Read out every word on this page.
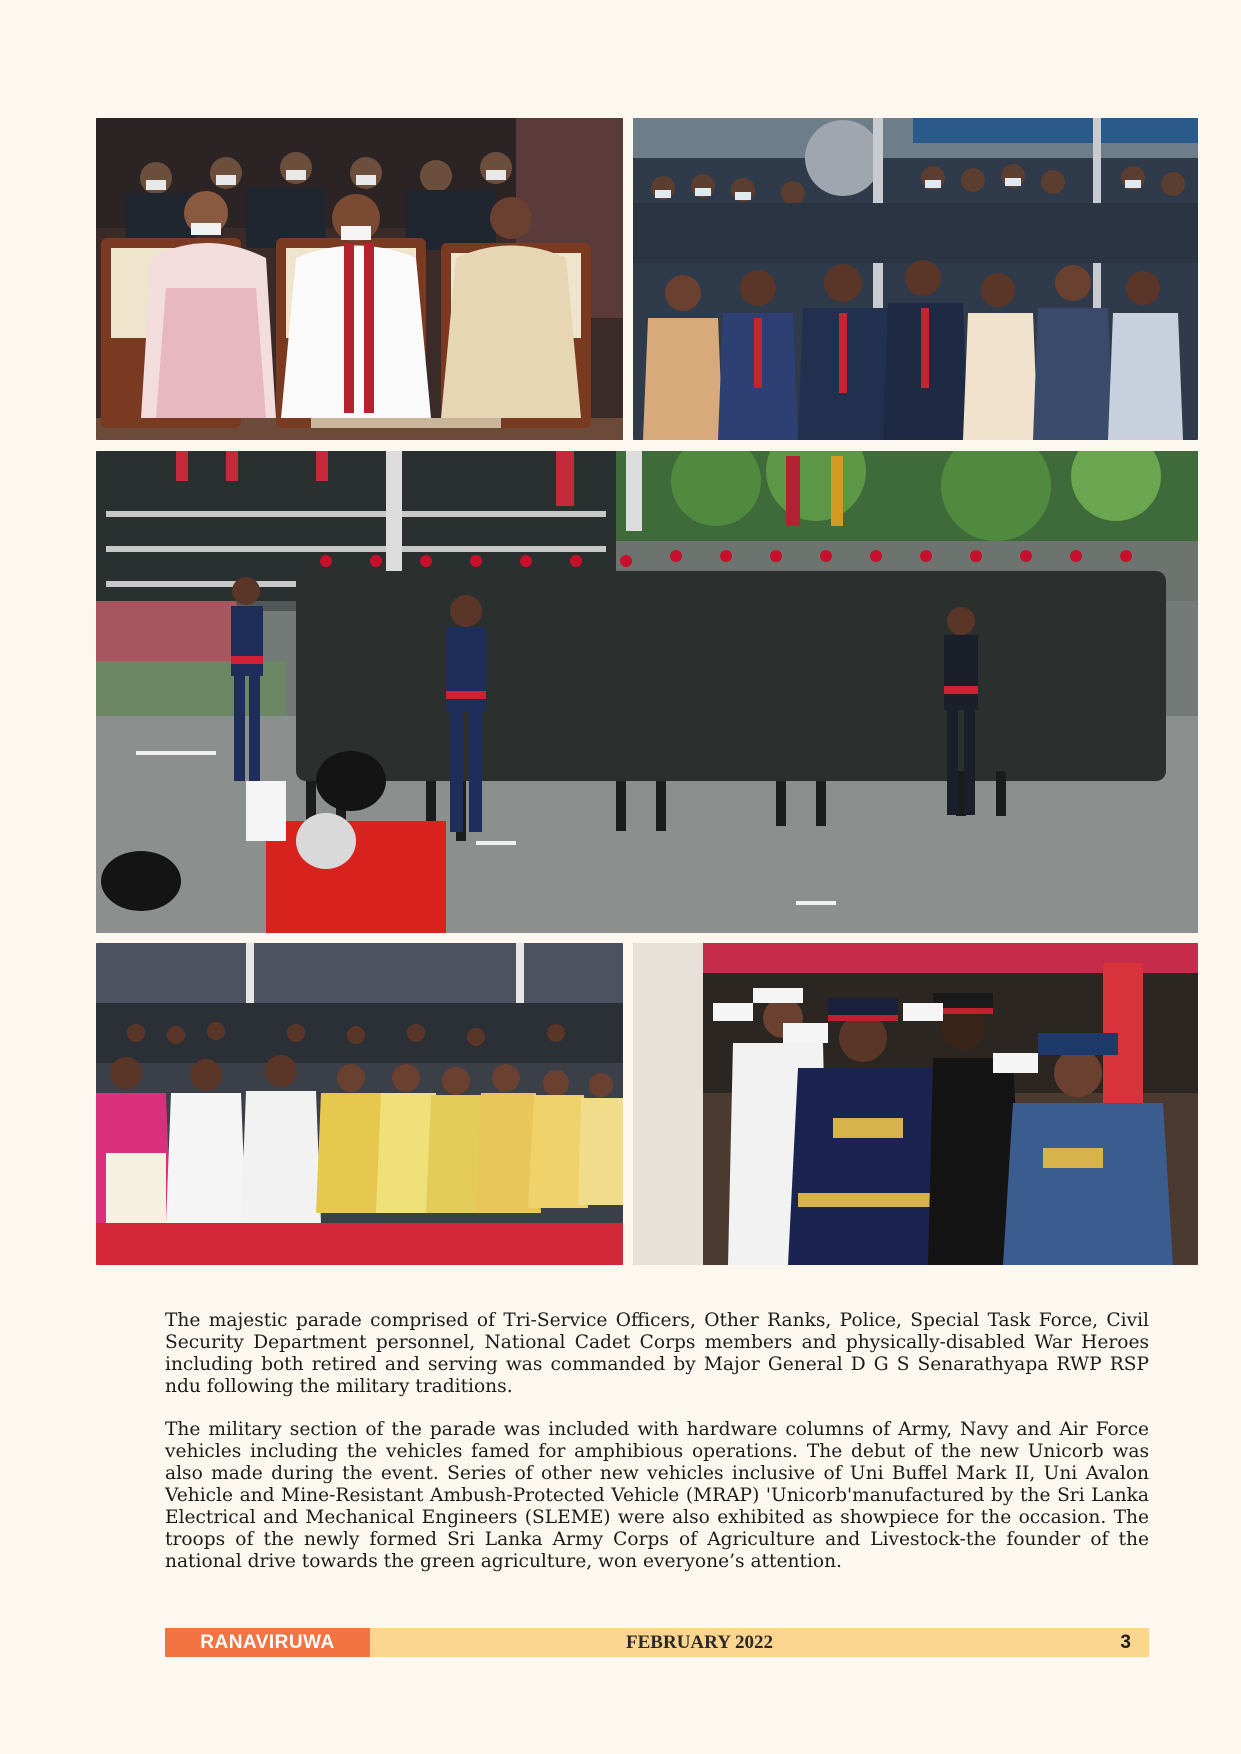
The majestic parade comprised of Tri-Service Officers, Other Ranks, Police, Special Task Force, Civil Security Department personnel, National Cadet Corps members and physically-disabled War Heroes including both retired and serving was commanded by Major General D G S Senarathyapa RWP RSP ndu following the military traditions.

The military section of the parade was included with hardware columns of Army, Navy and Air Force vehicles including the vehicles famed for amphibious operations. The debut of the new Unicorb was also made during the event. Series of other new vehicles inclusive of Uni Buffel Mark II, Uni Avalon Vehicle and Mine-Resistant Ambush-Protected Vehicle (MRAP) 'Unicorb'manufactured by the Sri Lanka Electrical and Mechanical Engineers (SLEME) were also exhibited as showpiece for the occasion. The troops of the newly formed Sri Lanka Army Corps of Agriculture and Livestock-the founder of the national drive towards the green agriculture, won everyone’s attention.

RANAVIRUWA	FEBRUARY 2022	3
